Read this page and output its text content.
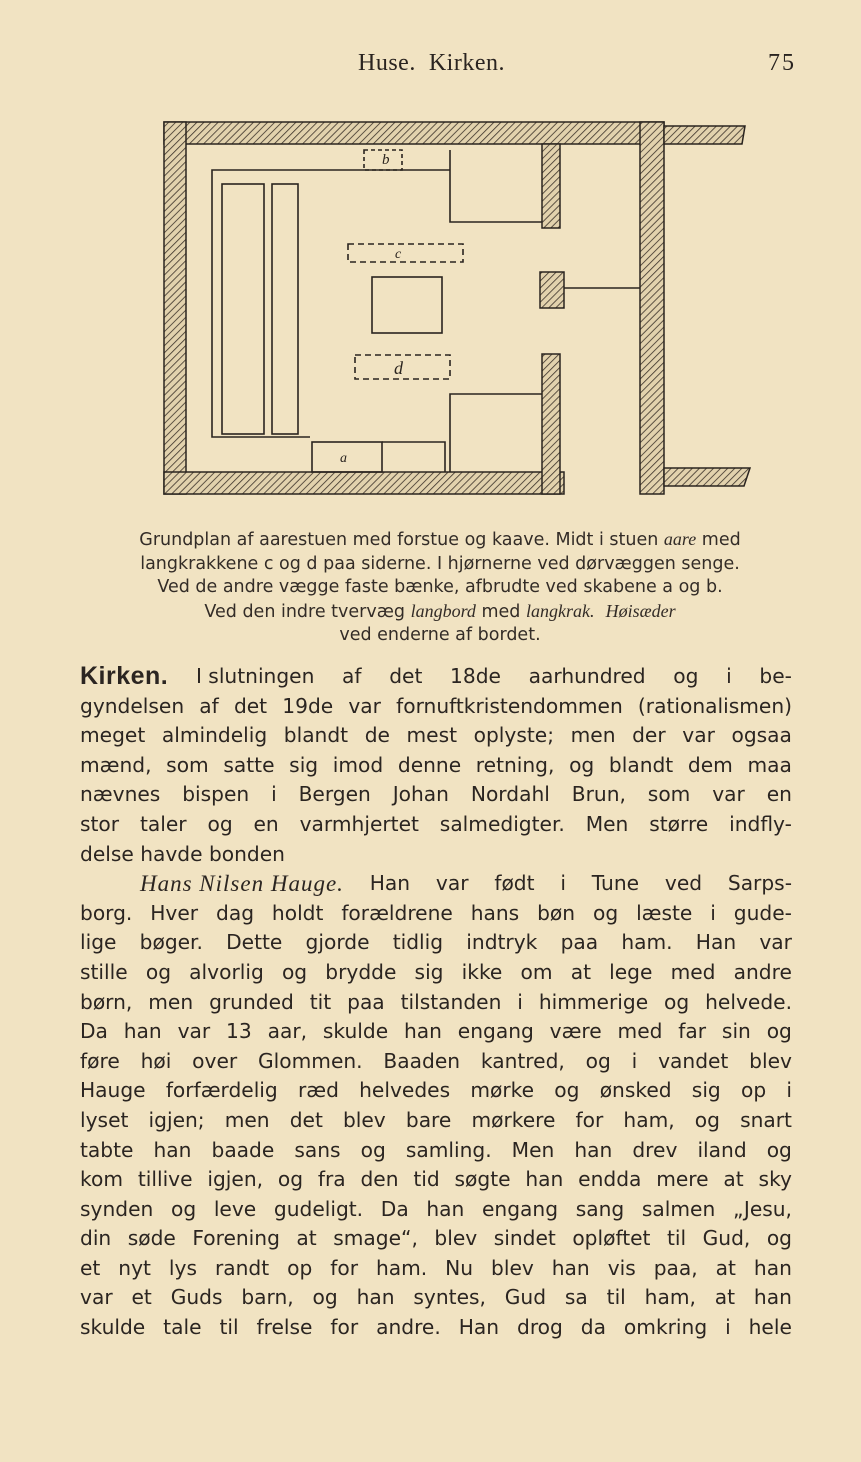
Huse.  Kirken.	75
b
c
d
a
Grundplan af aarestuen med forstue og kaave. Midt i stuen aare med
langkrakkene c og d paa siderne. I hjørnerne ved dørvæggen senge.
Ved de andre vægge faste bænke, afbrudte ved skabene a og b.
Ved den indre tvervæg langbord med langkrak. Høisæder
ved enderne af bordet.
Kirken. I slutningen af det 18de aarhundred og i be-
gyndelsen af det 19de var fornuftkristendommen (rationalismen)
meget almindelig blandt de mest oplyste; men der var ogsaa
mænd, som satte sig imod denne retning, og blandt dem maa
nævnes bispen i Bergen Johan Nordahl Brun, som var en
stor taler og en varmhjertet salmedigter. Men større indfly-
delse havde bonden
Hans Nilsen Hauge. Han var født i Tune ved Sarps-
borg. Hver dag holdt forældrene hans bøn og læste i gude-
lige bøger. Dette gjorde tidlig indtryk paa ham. Han var
stille og alvorlig og brydde sig ikke om at lege med andre
børn, men grunded tit paa tilstanden i himmerige og helvede.
Da han var 13 aar, skulde han engang være med far sin og
føre høi over Glommen. Baaden kantred, og i vandet blev
Hauge forfærdelig ræd helvedes mørke og ønsked sig op i
lyset igjen; men det blev bare mørkere for ham, og snart
tabte han baade sans og samling. Men han drev iland og
kom tillive igjen, og fra den tid søgte han endda mere at sky
synden og leve gudeligt. Da han engang sang salmen „Jesu,
din søde Forening at smage“, blev sindet opløftet til Gud, og
et nyt lys randt op for ham. Nu blev han vis paa, at han
var et Guds barn, og han syntes, Gud sa til ham, at han
skulde tale til frelse for andre. Han drog da omkring i hele
